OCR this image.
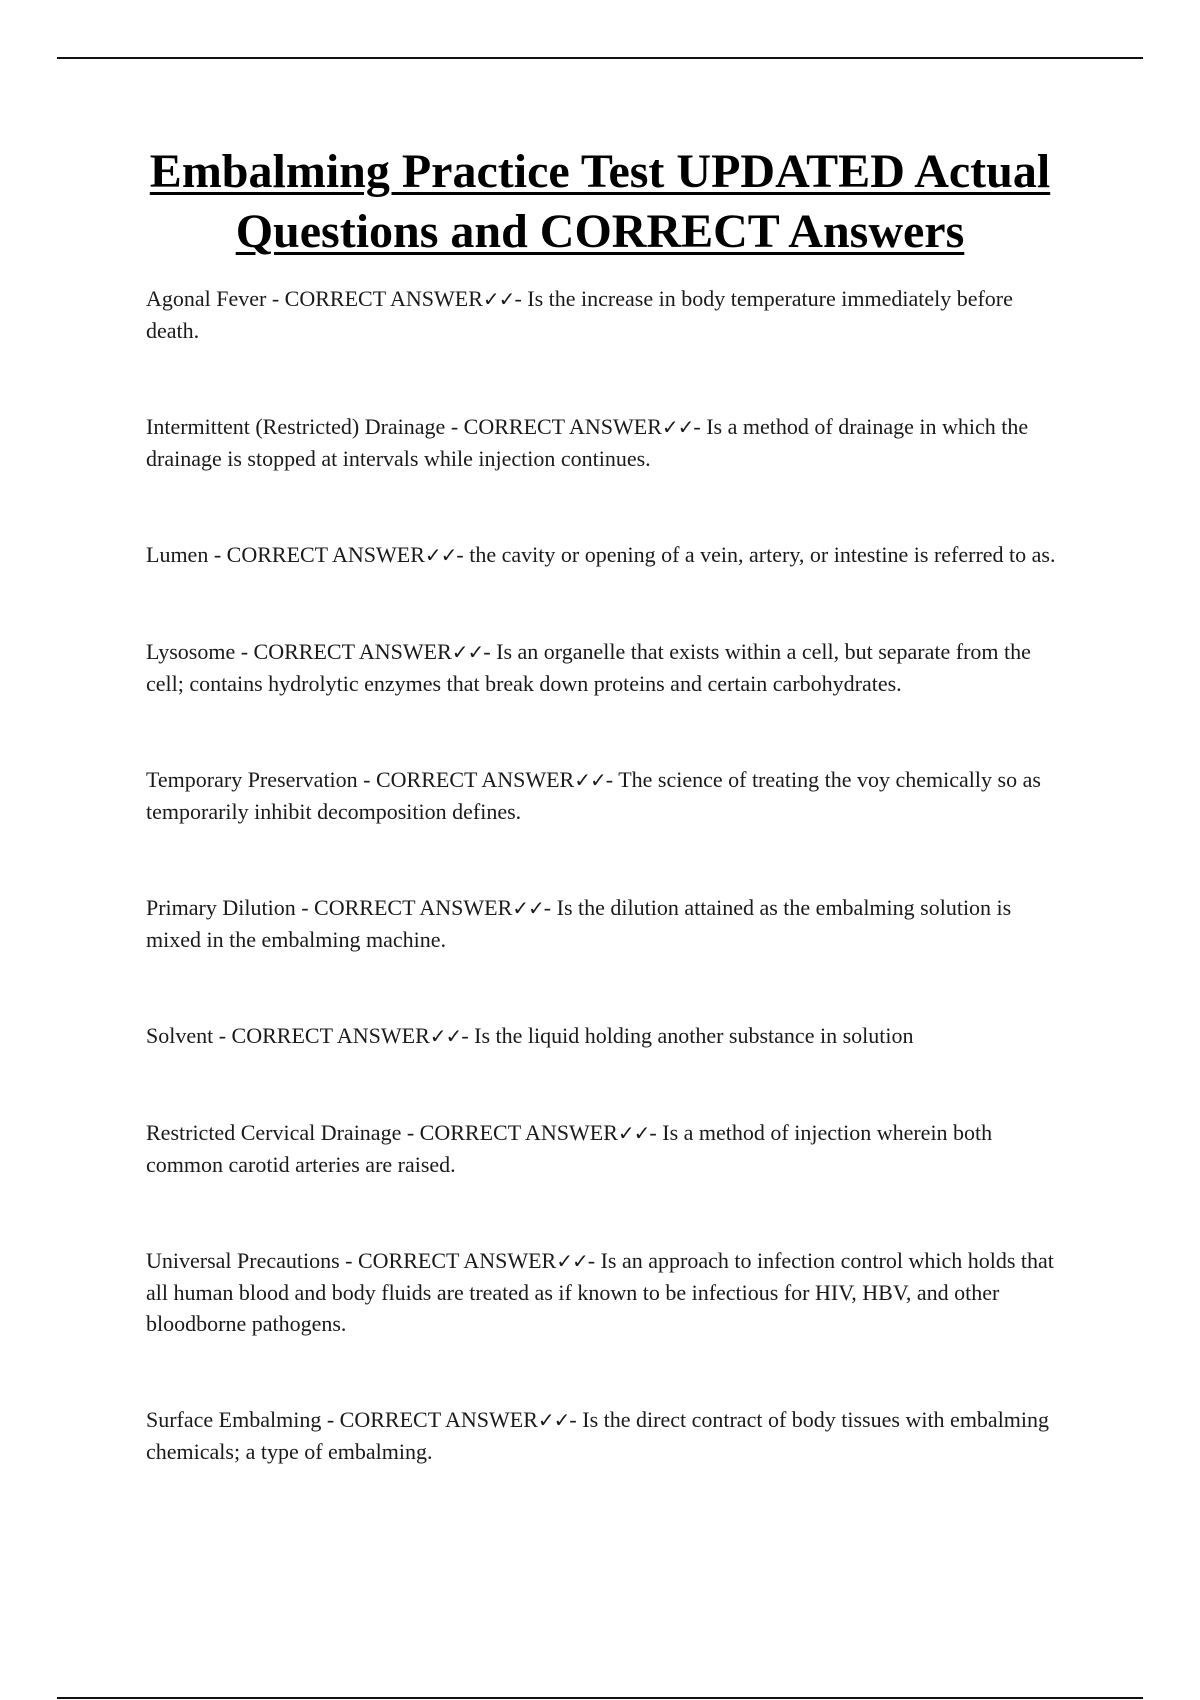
Embalming Practice Test UPDATED Actual
Questions and CORRECT Answers
Agonal Fever - CORRECT ANSWER✓✓- Is the increase in body temperature immediately before death.
Intermittent (Restricted) Drainage - CORRECT ANSWER✓✓- Is a method of drainage in which the drainage is stopped at intervals while injection continues.
Lumen - CORRECT ANSWER✓✓- the cavity or opening of a vein, artery, or intestine is referred to as.
Lysosome - CORRECT ANSWER✓✓- Is an organelle that exists within a cell, but separate from the cell; contains hydrolytic enzymes that break down proteins and certain carbohydrates.
Temporary Preservation - CORRECT ANSWER✓✓- The science of treating the voy chemically so as temporarily inhibit decomposition defines.
Primary Dilution - CORRECT ANSWER✓✓- Is the dilution attained as the embalming solution is mixed in the embalming machine.
Solvent - CORRECT ANSWER✓✓- Is the liquid holding another substance in solution
Restricted Cervical Drainage - CORRECT ANSWER✓✓- Is a method of injection wherein both common carotid arteries are raised.
Universal Precautions - CORRECT ANSWER✓✓- Is an approach to infection control which holds that all human blood and body fluids are treated as if known to be infectious for HIV, HBV, and other bloodborne pathogens.
Surface Embalming - CORRECT ANSWER✓✓- Is the direct contract of body tissues with embalming chemicals; a type of embalming.
